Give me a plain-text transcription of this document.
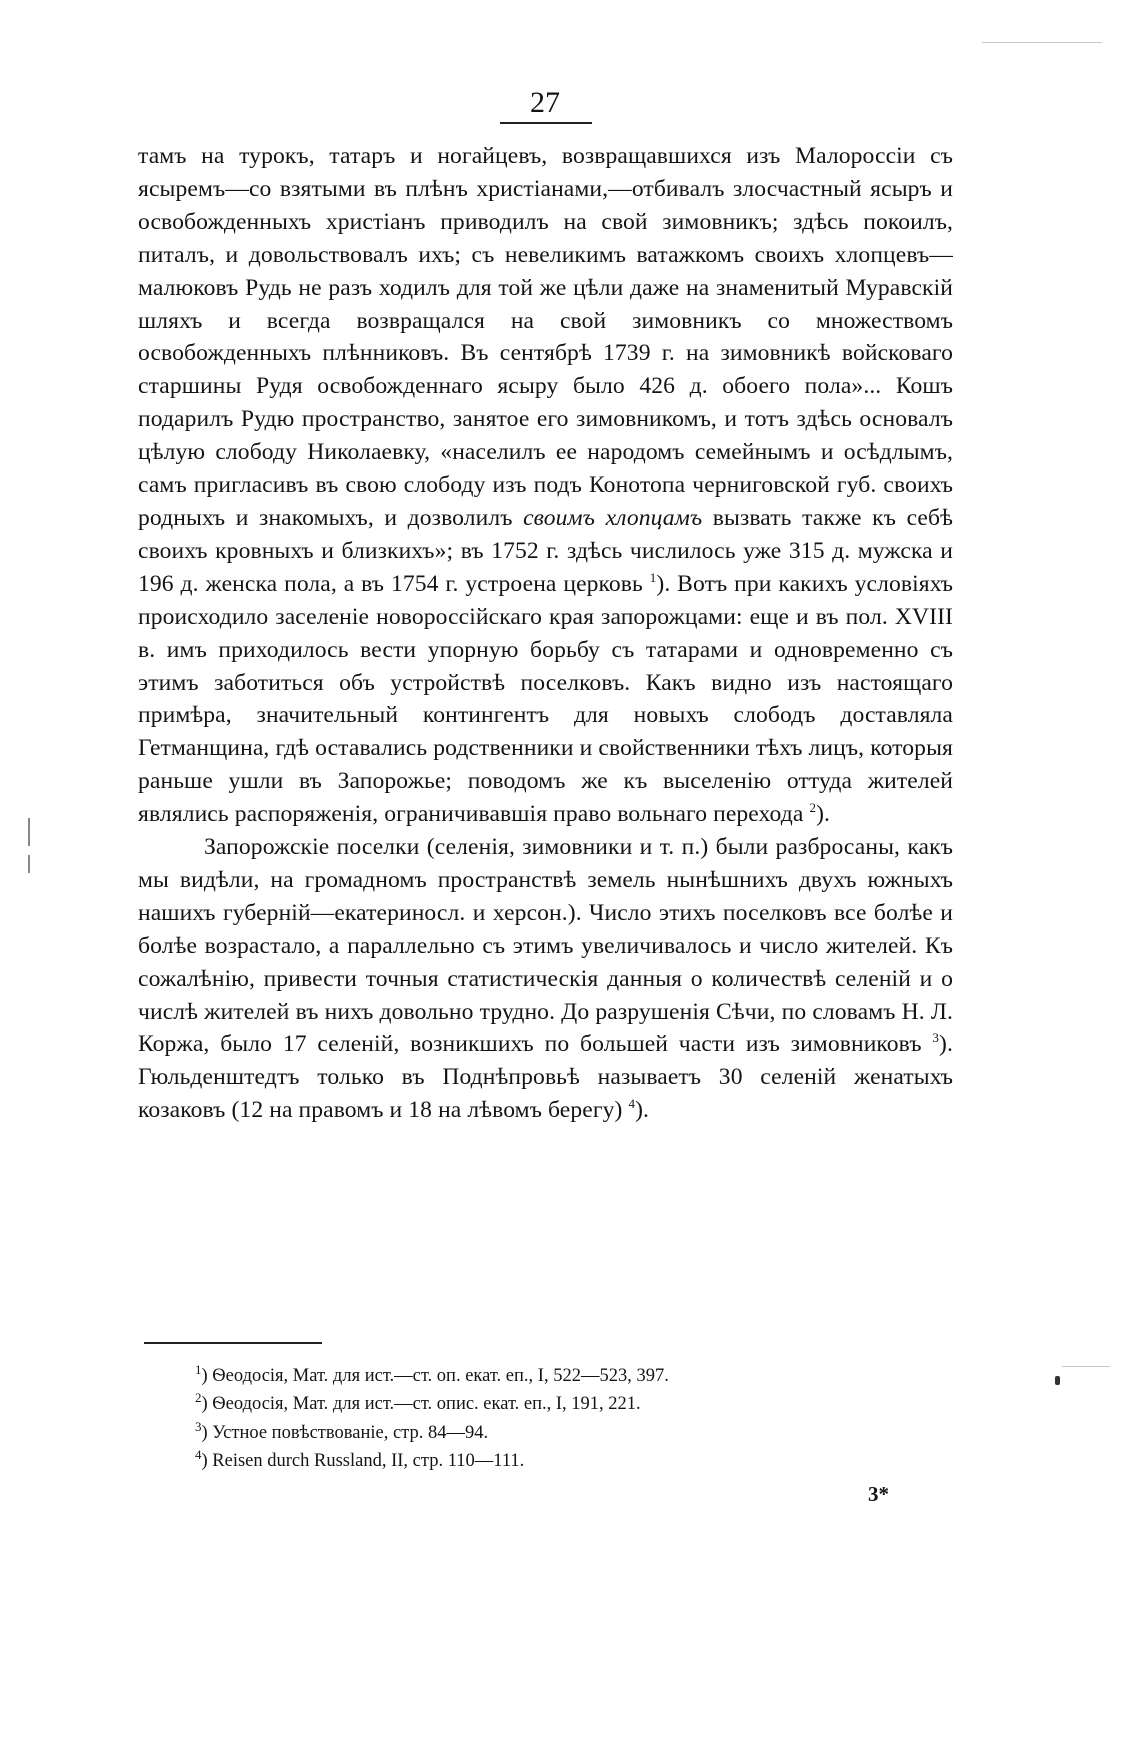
27

тамъ на турокъ, татаръ и ногайцевъ, возвращавшихся изъ Малороссіи съ ясыремъ—со взятыми въ плѣнъ христіанами,—отбивалъ злосчастный ясыръ и освобожденныхъ христіанъ приводилъ на свой зимовникъ; здѣсь покоилъ, питалъ, и довольствовалъ ихъ; съ невеликимъ ватажкомъ своихъ хлопцевъ—малюковъ Рудь не разъ ходилъ для той же цѣли даже на знаменитый Муравскій шляхъ и всегда возвращался на свой зимовникъ со множествомъ освобожденныхъ плѣнниковъ. Въ сентябрѣ 1739 г. на зимовникѣ войсковаго старшины Рудя освобожденнаго ясыру было 426 д. обоего пола»... Кошъ подарилъ Рудю пространство, занятое его зимовникомъ, и тотъ здѣсь основалъ цѣлую слободу Николаевку, «населилъ ее народомъ семейнымъ и осѣдлымъ, самъ пригласивъ въ свою слободу изъ подъ Конотопа черниговской губ. своихъ родныхъ и знакомыхъ, и дозволилъ своимъ хлопцамъ вызвать также къ себѣ своихъ кровныхъ и близкихъ»; въ 1752 г. здѣсь числилось уже 315 д. мужска и 196 д. женска пола, а въ 1754 г. устроена церковь $^1$). Вотъ при какихъ условіяхъ происходило заселеніе новороссійскаго края запорожцами: еще и въ пол. XVIII в. имъ приходилось вести упорную борьбу съ татарами и одновременно съ этимъ заботиться объ устройствѣ поселковъ. Какъ видно изъ настоящаго примѣра, значительный контингентъ для новыхъ слободъ доставляла Гетманщина, гдѣ оставались родственники и свойственники тѣхъ лицъ, которыя раньше ушли въ Запорожье; поводомъ же къ выселенію оттуда жителей являлись распоряженія, ограничивавшія право вольнаго перехода $^2$).

Запорожскіе поселки (селенія, зимовники и т. п.) были разбросаны, какъ мы видѣли, на громадномъ пространствѣ земель нынѣшнихъ двухъ южныхъ нашихъ губерній—екатериносл. и херсон.). Число этихъ поселковъ все болѣе и болѣе возрастало, а параллельно съ этимъ увеличивалось и число жителей. Къ сожалѣнію, привести точныя статистическія данныя о количествѣ селеній и о числѣ жителей въ нихъ довольно трудно. До разрушенія Сѣчи, по словамъ Н. Л. Коржа, было 17 селеній, возникшихъ по большей части изъ зимовниковъ $^3$). Гюльденштедтъ только въ Поднѣпровьѣ называетъ 30 селеній женатыхъ козаковъ (12 на правомъ и 18 на лѣвомъ берегу) $^4$).

$^1$) Ѳеодосія, Мат. для ист.—ст. оп. екат. еп., I, 522—523, 397.
$^2$) Ѳеодосія, Мат. для ист.—ст. опис. екат. еп., I, 191, 221.
$^3$) Устное повѣствованіе, стр. 84—94.
$^4$) Reisen durch Russland, II, стр. 110—111.
3*
